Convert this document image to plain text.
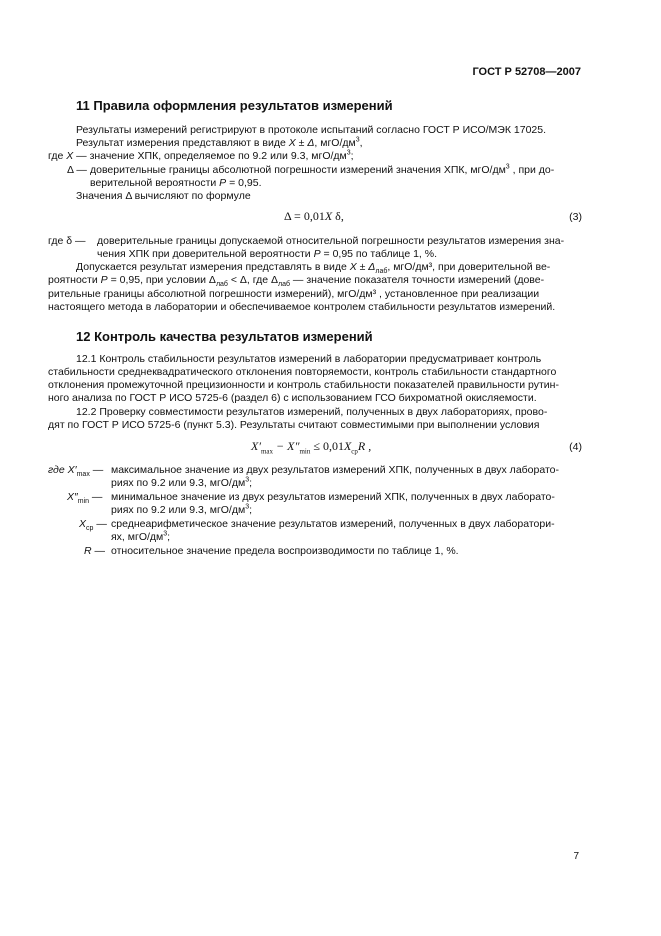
ГОСТ Р 52708—2007
11 Правила оформления результатов измерений
Результаты измерений регистрируют в протоколе испытаний согласно ГОСТ Р ИСО/МЭК 17025.
Результат измерения представляют в виде X ± Δ, мгО/$дм^3$,
где X — значение ХПК, определяемое по 9.2 или 9.3, мгО/$дм^3$;
Δ — доверительные границы абсолютной погрешности измерений значения ХПК, мгО/$дм^3$ , при до-
верительной вероятности P = 0,95.
Значения Δ вычисляют по формуле
Δ = 0,01X δ,	(3)
где δ — доверительные границы допускаемой относительной погрешности результатов измерения зна-
чения ХПК при доверительной вероятности P = 0,95 по таблице 1, %.
Допускается результат измерения представлять в виде $X \pm \Delta_{лаб}$, мгО/дм³, при доверительной ве-
роятности P = 0,95, при условии $\Delta_{лаб} < \Delta$, где $\Delta_{лаб}$ — значение показателя точности измерений (дове-
рительные границы абсолютной погрешности измерений), мгО/дм³ , установленное при реализации
настоящего метода в лаборатории и обеспечиваемое контролем стабильности результатов измерений.
12 Контроль качества результатов измерений
12.1 Контроль стабильности результатов измерений в лаборатории предусматривает контроль
стабильности среднеквадратического отклонения повторяемости, контроль стабильности стандартного
отклонения промежуточной прецизионности и контроль стабильности показателей правильности рутин-
ного анализа по ГОСТ Р ИСО 5725-6 (раздел 6) с использованием ГСО бихроматной окисляемости.
12.2 Проверку совместимости результатов измерений, полученных в двух лабораториях, прово-
дят по ГОСТ Р ИСО 5725-6 (пункт 5.3). Результаты считают совместимыми при выполнении условия
$X'_{max} - X''_{min} \le 0,01X_{ср}R$ ,	(4)
где $X'_{max}$ — максимальное значение из двух результатов измерений ХПК, полученных в двух лаборато-
риях по 9.2 или 9.3, мгО/$дм^3$;
$X''_{min}$ — минимальное значение из двух результатов измерений ХПК, полученных в двух лаборато-
риях по 9.2 или 9.3, мгО/$дм^3$;
$X_{ср}$ — среднеарифметическое значение результатов измерений, полученных в двух лаборатори-
ях, мгО/$дм^3$;
R — относительное значение предела воспроизводимости по таблице 1, %.
7
